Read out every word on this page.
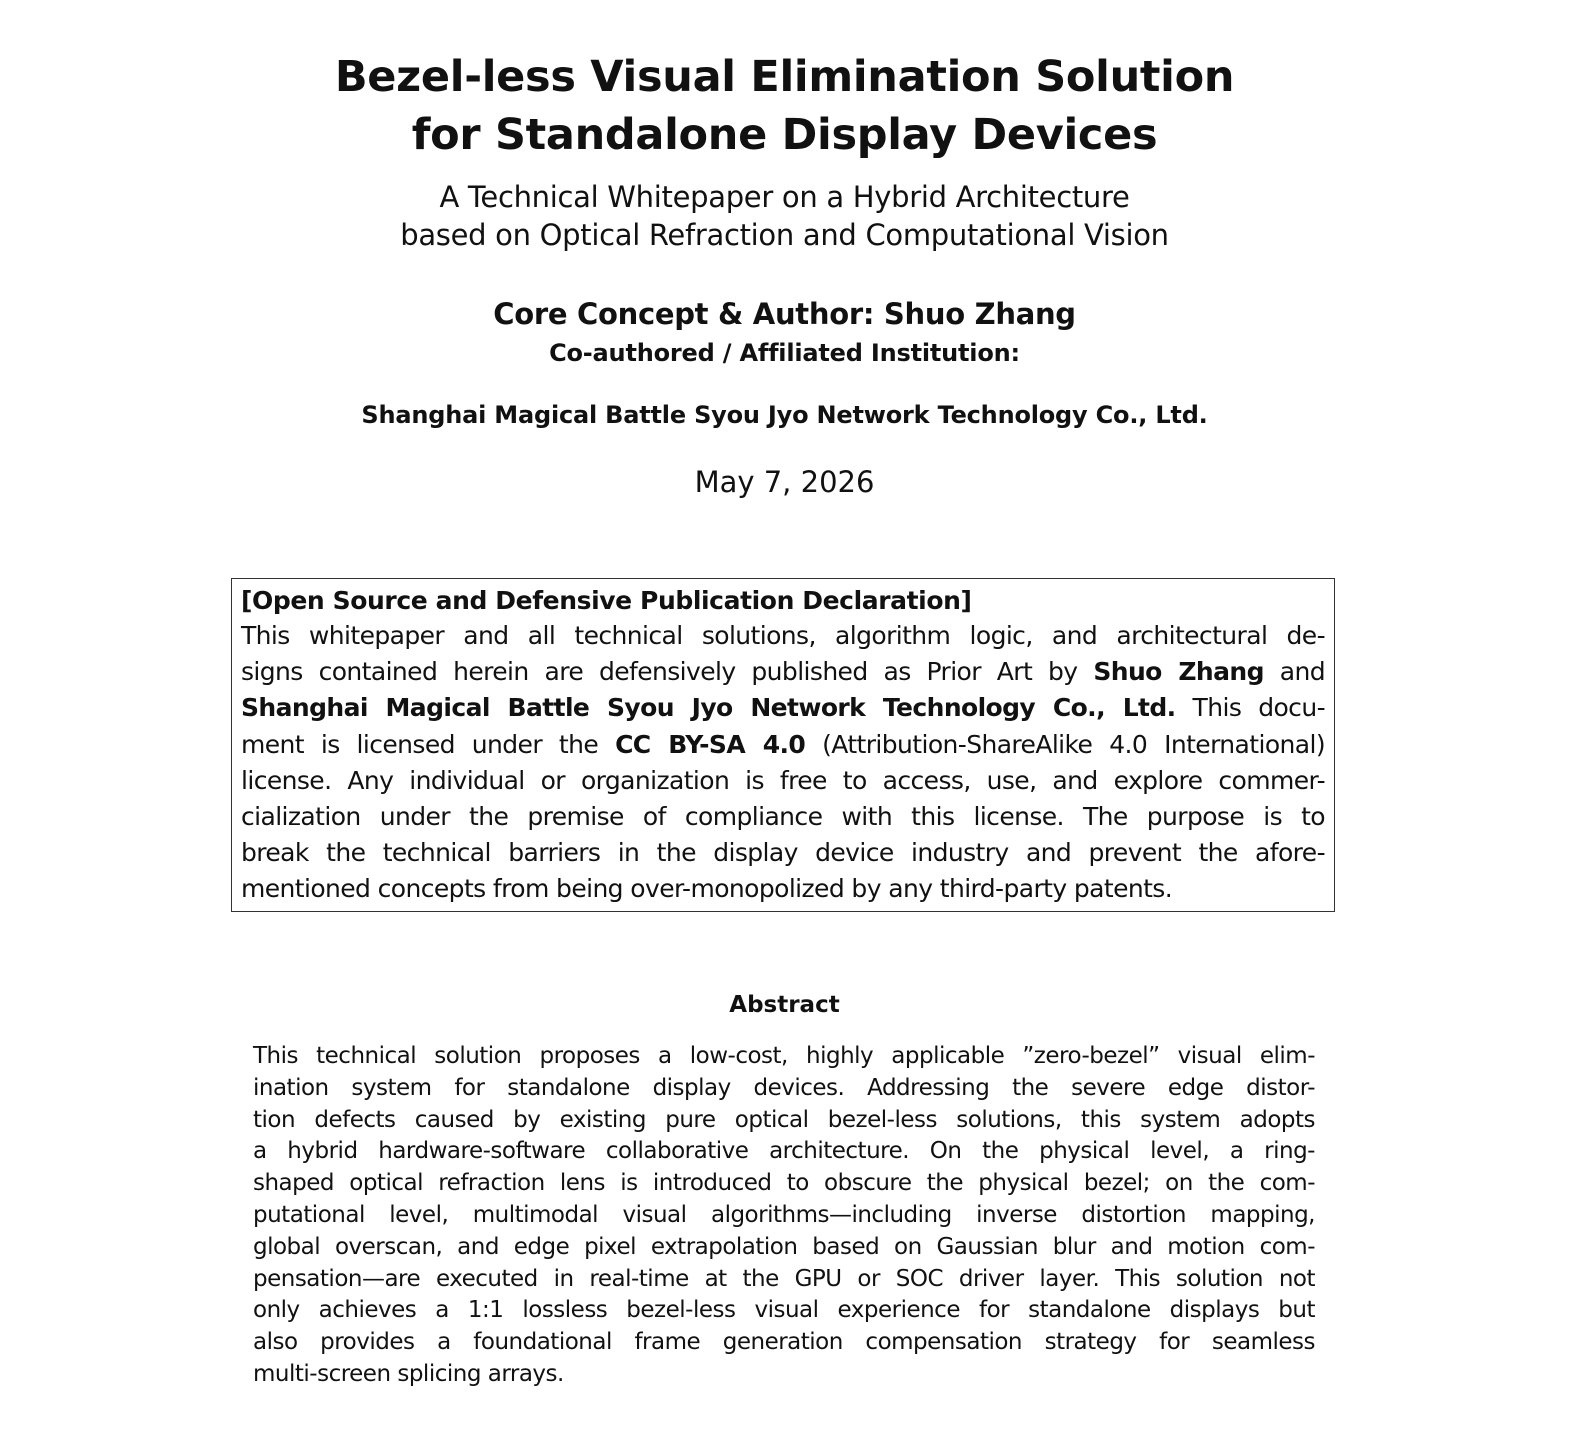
Bezel-less Visual Elimination Solution
for Standalone Display Devices
A Technical Whitepaper on a Hybrid Architecture
based on Optical Refraction and Computational Vision
Core Concept & Author: Shuo Zhang
Co-authored / Affiliated Institution:
Shanghai Magical Battle Syou Jyo Network Technology Co., Ltd.
May 7, 2026
[Open Source and Defensive Publication Declaration]
This whitepaper and all technical solutions, algorithm logic, and architectural de-
signs contained herein are defensively published as Prior Art by Shuo Zhang and
Shanghai Magical Battle Syou Jyo Network Technology Co., Ltd. This docu-
ment is licensed under the CC BY-SA 4.0 (Attribution-ShareAlike 4.0 International)
license. Any individual or organization is free to access, use, and explore commer-
cialization under the premise of compliance with this license. The purpose is to
break the technical barriers in the display device industry and prevent the afore-
mentioned concepts from being over-monopolized by any third-party patents.
Abstract
This technical solution proposes a low-cost, highly applicable ”zero-bezel” visual elim-
ination system for standalone display devices. Addressing the severe edge distor-
tion defects caused by existing pure optical bezel-less solutions, this system adopts
a hybrid hardware-software collaborative architecture. On the physical level, a ring-
shaped optical refraction lens is introduced to obscure the physical bezel; on the com-
putational level, multimodal visual algorithms—including inverse distortion mapping,
global overscan, and edge pixel extrapolation based on Gaussian blur and motion com-
pensation—are executed in real-time at the GPU or SOC driver layer. This solution not
only achieves a 1:1 lossless bezel-less visual experience for standalone displays but
also provides a foundational frame generation compensation strategy for seamless
multi-screen splicing arrays.
